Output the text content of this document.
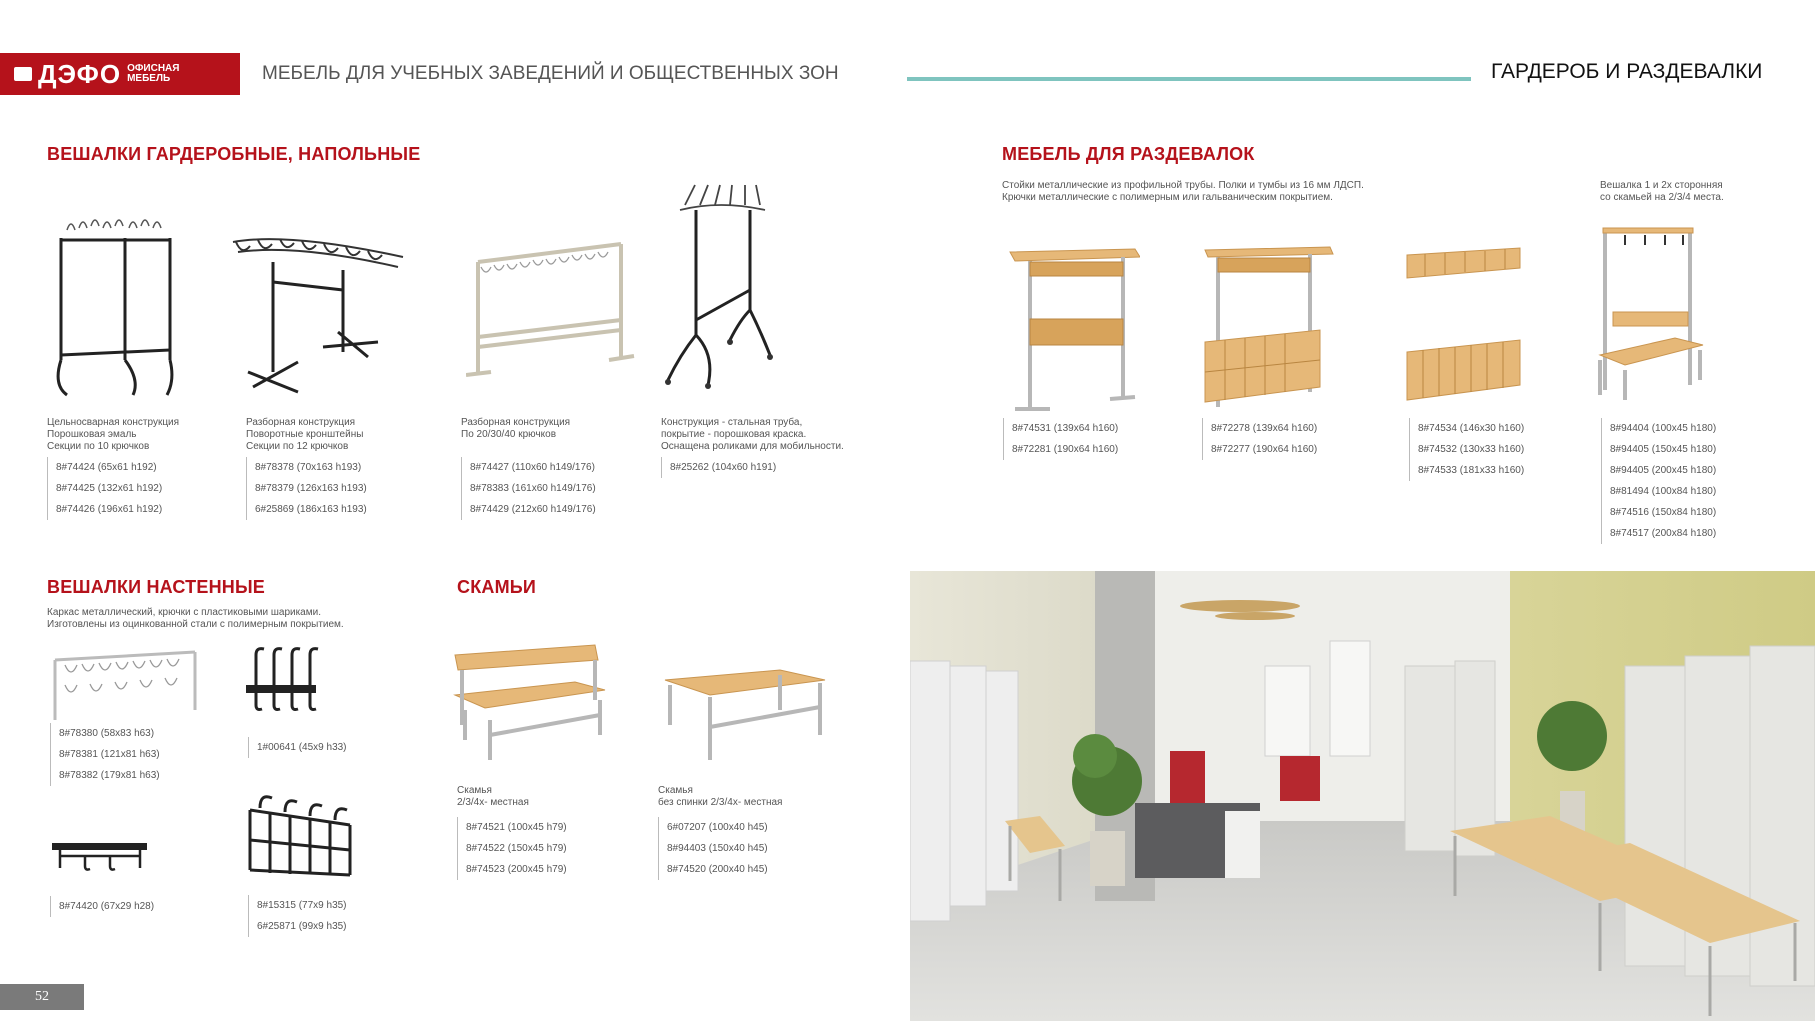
ДЭФО ОФИСНАЯ МЕБЕЛЬ	МЕБЕЛЬ ДЛЯ УЧЕБНЫХ ЗАВЕДЕНИЙ И ОБЩЕСТВЕННЫХ ЗОН	ГАРДЕРОБ И РАЗДЕВАЛКИ
ВЕШАЛКИ ГАРДЕРОБНЫЕ, НАПОЛЬНЫЕ
Цельносварная конструкция
Порошковая эмаль
Секции по 10 крючков
8#74424 (65x61 h192)
8#74425 (132x61 h192)
8#74426 (196x61 h192)
Разборная конструкция
Поворотные кронштейны
Секции по 12 крючков
8#78378 (70x163 h193)
8#78379 (126x163 h193)
6#25869 (186x163 h193)
Разборная конструкция
По 20/30/40 крючков
8#74427 (110x60 h149/176)
8#78383 (161x60 h149/176)
8#74429 (212x60 h149/176)
Конструкция - стальная труба,
покрытие - порошковая краска.
Оснащена роликами для мобильности.
8#25262 (104x60 h191)
МЕБЕЛЬ ДЛЯ РАЗДЕВАЛОК
Стойки металлические из профильной трубы. Полки и тумбы из 16 мм ЛДСП.
Крючки металлические с полимерным или гальваническим покрытием.
Вешалка 1 и 2х сторонняя
со скамьей на 2/3/4 места.
8#74531 (139x64 h160)
8#72281 (190x64 h160)
8#72278 (139x64 h160)
8#72277 (190x64 h160)
8#74534 (146x30 h160)
8#74532 (130x33 h160)
8#74533 (181x33 h160)
8#94404 (100x45 h180)
8#94405 (150x45 h180)
8#94405 (200x45 h180)
8#81494 (100x84 h180)
8#74516 (150x84 h180)
8#74517 (200x84 h180)
ВЕШАЛКИ НАСТЕННЫЕ
Каркас металлический, крючки с пластиковыми шариками.
Изготовлены из оцинкованной стали с полимерным покрытием.
8#78380 (58x83 h63)
8#78381 (121x81 h63)
8#78382 (179x81 h63)
1#00641 (45x9 h33)
8#74420 (67x29 h28)	8#15315 (77x9 h35)
6#25871 (99x9 h35)
СКАМЬИ
Скамья
2/3/4х- местная
8#74521 (100x45 h79)
8#74522 (150x45 h79)
8#74523 (200x45 h79)
Скамья
без спинки 2/3/4х- местная
6#07207 (100x40 h45)
8#94403 (150x40 h45)
8#74520 (200x40 h45)
52
